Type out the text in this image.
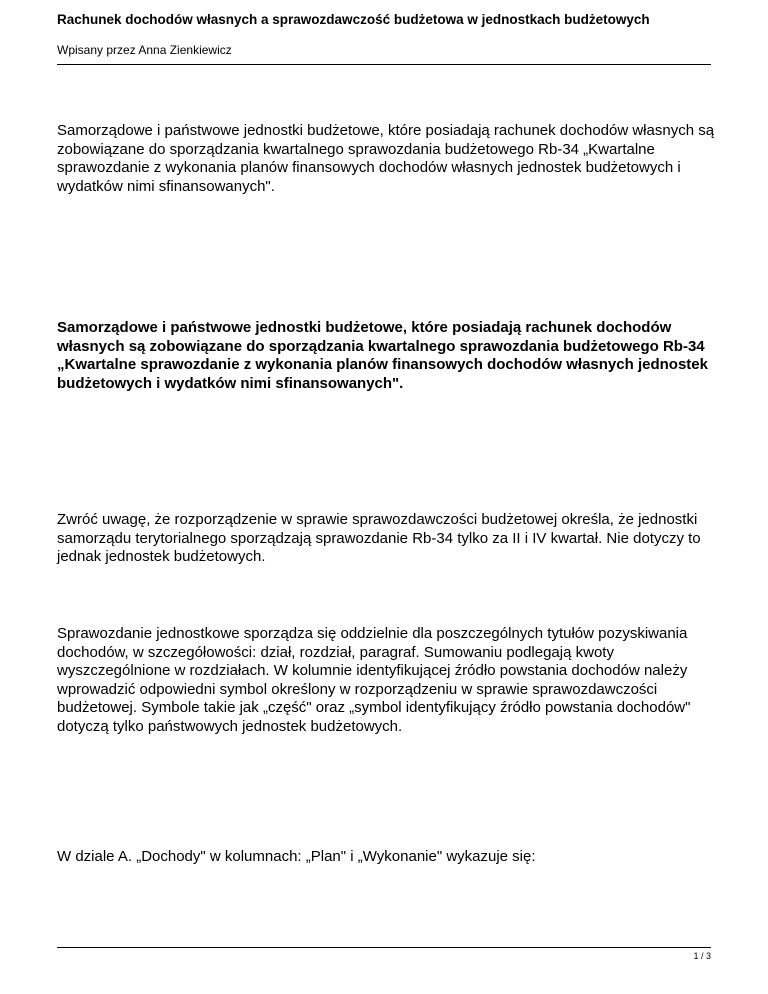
Rachunek dochodów własnych a sprawozdawczość budżetowa w jednostkach budżetowych
Wpisany przez Anna Zienkiewicz

Samorządowe i państwowe jednostki budżetowe, które posiadają rachunek dochodów własnych są zobowiązane do sporządzania kwartalnego sprawozdania budżetowego Rb-34 „Kwartalne sprawozdanie z wykonania planów finansowych dochodów własnych jednostek budżetowych i wydatków nimi sfinansowanych".

Samorządowe i państwowe jednostki budżetowe, które posiadają rachunek dochodów własnych są zobowiązane do sporządzania kwartalnego sprawozdania budżetowego Rb-34 „Kwartalne sprawozdanie z wykonania planów finansowych dochodów własnych jednostek budżetowych i wydatków nimi sfinansowanych".

Zwróć uwagę, że rozporządzenie w sprawie sprawozdawczości budżetowej określa, że jednostki samorządu terytorialnego sporządzają sprawozdanie Rb-34 tylko za II i IV kwartał. Nie dotyczy to jednak jednostek budżetowych.

Sprawozdanie jednostkowe sporządza się oddzielnie dla poszczególnych tytułów pozyskiwania dochodów, w szczegółowości: dział, rozdział, paragraf. Sumowaniu podlegają kwoty wyszczególnione w rozdziałach. W kolumnie identyfikującej źródło powstania dochodów należy wprowadzić odpowiedni symbol określony w rozporządzeniu w sprawie sprawozdawczości budżetowej. Symbole takie jak „część" oraz „symbol identyfikujący źródło powstania dochodów" dotyczą tylko państwowych jednostek budżetowych.

W dziale A. „Dochody" w kolumnach: „Plan" i „Wykonanie" wykazuje się:

1 / 3
